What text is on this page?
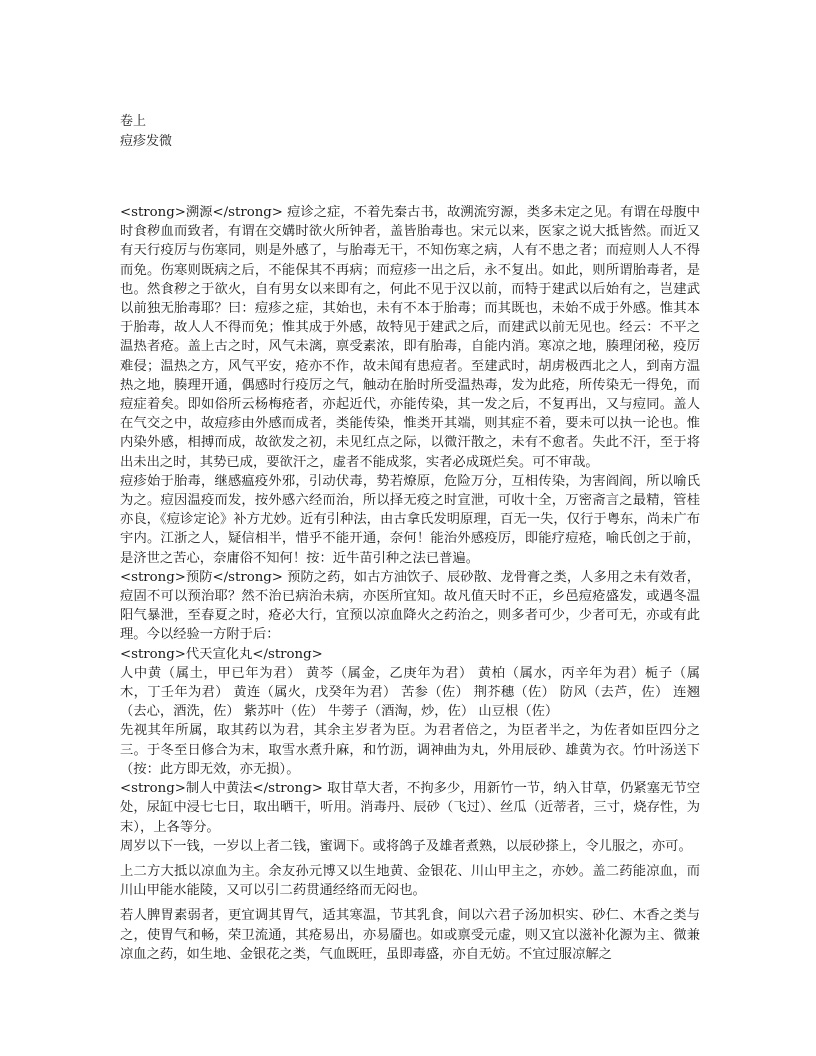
卷上
痘疹发微

<strong>溯源</strong> 痘诊之症，不着先秦古书，故溯流穷源，类多未定之见。有谓在母腹中时食秽血而致者，有谓在交媾时欲火所钟者，盖皆胎毒也。宋元以来，医家之说大抵皆然。而近又有天行疫厉与伤寒同，则是外感了，与胎毒无干，不知伤寒之病，人有不患之者；而痘则人人不得而免。伤寒则既病之后，不能保其不再病；而痘疹一出之后，永不复出。如此，则所谓胎毒者，是也。然食秽之于欲火，自有男女以来即有之，何此不见于汉以前，而特于建武以后始有之，岂建武以前独无胎毒耶？曰：痘疹之症，其始也，未有不本于胎毒；而其既也，未始不成于外感。惟其本于胎毒，故人人不得而免；惟其成于外感，故特见于建武之后，而建武以前无见也。经云：不平之温热者疮。盖上古之时，风气未漓，禀受素浓，即有胎毒，自能内消。寒凉之地，腠理闭秘，疫厉难侵；温热之方，风气平安，疮亦不作，故未闻有患痘者。至建武时，胡虏极西北之人，到南方温热之地，腠理开通，偶感时行疫厉之气，触动在胎时所受温热毒，发为此疮，所传染无一得免，而痘症着矣。即如俗所云杨梅疮者，亦起近代，亦能传染，其一发之后，不复再出，又与痘同。盖人在气交之中，故痘疹由外感而成者，类能传染，惟类开其端，则其症不着，要未可以执一论也。惟内染外感，相搏而成，故欲发之初，未见红点之际，以微汗散之，未有不愈者。失此不汗，至于将出未出之时，其势已成，要欲汗之，虚者不能成浆，实者必成斑烂矣。可不审哉。

痘疹始于胎毒，继感瘟疫外邪，引动伏毒，势若燎原，危险万分，互相传染，为害阎阎，所以喻氏为之。痘因温疫而发，按外感六经而治，所以择无疫之时宣泄，可收十全，万密斋言之最精，管桂亦良，《痘诊定论》补方尤妙。近有引种法，由古拿氏发明原理，百无一失，仅行于粤东，尚未广布宇内。江浙之人，疑信相半，惜乎不能开通，奈何！能治外感疫厉，即能疗痘疮，喻氏创之于前，是济世之苦心，奈庸俗不知何！按：近牛苗引种之法已普遍。

<strong>预防</strong> 预防之药，如古方油饮子、辰砂散、龙骨膏之类，人多用之未有效者，痘固不可以预治耶？然不治已病治未病，亦医所宜知。故凡值天时不正，乡邑痘疮盛发，或遇冬温阳气暴泄，至春夏之时，疮必大行，宜预以凉血降火之药治之，则多者可少，少者可无，亦或有此理。今以经验一方附于后：

<strong>代天宣化丸</strong>

人中黄（属土，甲已年为君） 黄芩（属金，乙庚年为君） 黄柏（属水，丙辛年为君）栀子（属木，丁壬年为君） 黄连（属火，戊癸年为君） 苦参（佐） 荆芥穗（佐） 防风（去芦，佐） 连翘（去心，酒洗，佐） 紫苏叶（佐） 牛蒡子（酒淘，炒，佐） 山豆根（佐）

先视其年所属，取其药以为君，其余主岁者为臣。为君者倍之，为臣者半之，为佐者如臣四分之三。于冬至日修合为末，取雪水煮升麻，和竹沥，调神曲为丸，外用辰砂、雄黄为衣。竹叶汤送下（按：此方即无效，亦无损）。

<strong>制人中黄法</strong> 取甘草大者，不拘多少，用新竹一节，纳入甘草，仍紧塞无节空处，尿缸中浸七七日，取出晒干，听用。消毒丹、辰砂（飞过）、丝瓜（近蒂者，三寸，烧存性，为末），上各等分。

周岁以下一钱，一岁以上者二钱，蜜调下。或将鸽子及雄者煮熟，以辰砂搽上，令儿服之，亦可。

上二方大抵以凉血为主。余友孙元博又以生地黄、金银花、川山甲主之，亦妙。盖二药能凉血，而川山甲能水能陵，又可以引二药贯通经络而无闷也。

若人脾胃素弱者，更宜调其胃气，适其寒温，节其乳食，间以六君子汤加枳实、砂仁、木香之类与之，使胃气和畅，荣卫流通，其疮易出，亦易靥也。如或禀受元虚，则又宜以滋补化源为主、微兼凉血之药，如生地、金银花之类，气血既旺，虽即毒盛，亦自无妨。不宜过服凉解之
